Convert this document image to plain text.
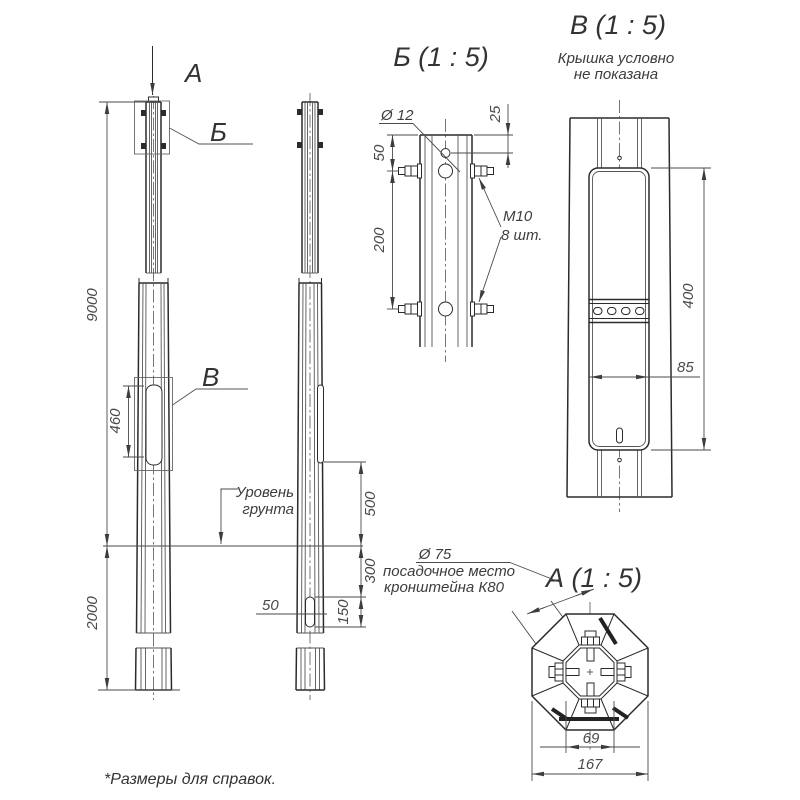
А
Б
В
460
50
Уровень
грунта
9000
2000
500
300
150
Б (1 : 5)
Ø 12
50
200
25
М10
8 шт.
В (1 : 5)
Крышка условно
не показана
400
85
А (1 : 5)
Ø 75
посадочное место
кронштейна К80
69
167
*Размеры для справок.
